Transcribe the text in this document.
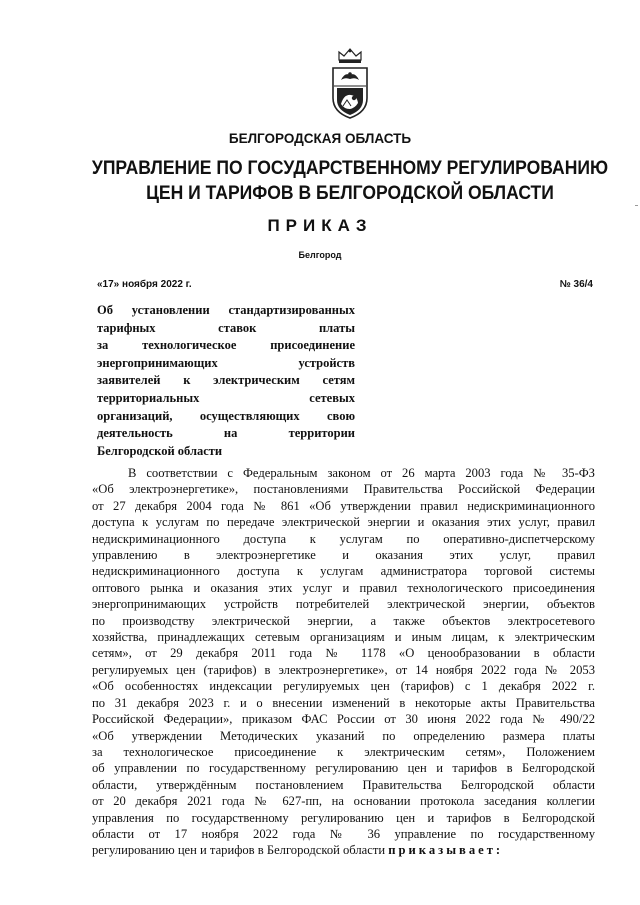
БЕЛГОРОДСКАЯ ОБЛАСТЬ
УПРАВЛЕНИЕ ПО ГОСУДАРСТВЕННОМУ РЕГУЛИРОВАНИЮ
ЦЕН И ТАРИФОВ В БЕЛГОРОДСКОЙ ОБЛАСТИ
ПРИКАЗ
Белгород
«17» ноября 2022 г.	№ 36/4

Об установлении стандартизированных
тарифных ставок платы
за технологическое присоединение
энергопринимающих устройств
заявителей к электрическим сетям
территориальных сетевых
организаций, осуществляющих свою
деятельность на территории
Белгородской области

В соответствии с Федеральным законом от 26 марта 2003 года № 35-ФЗ
«Об электроэнергетике», постановлениями Правительства Российской Федерации
от 27 декабря 2004 года № 861 «Об утверждении правил недискриминационного
доступа к услугам по передаче электрической энергии и оказания этих услуг, правил
недискриминационного доступа к услугам по оперативно-диспетчерскому
управлению в электроэнергетике и оказания этих услуг, правил
недискриминационного доступа к услугам администратора торговой системы
оптового рынка и оказания этих услуг и правил технологического присоединения
энергопринимающих устройств потребителей электрической энергии, объектов
по производству электрической энергии, а также объектов электросетевого
хозяйства, принадлежащих сетевым организациям и иным лицам, к электрическим
сетям», от 29 декабря 2011 года № 1178 «О ценообразовании в области
регулируемых цен (тарифов) в электроэнергетике», от 14 ноября 2022 года № 2053
«Об особенностях индексации регулируемых цен (тарифов) с 1 декабря 2022 г.
по 31 декабря 2023 г. и о внесении изменений в некоторые акты Правительства
Российской Федерации», приказом ФАС России от 30 июня 2022 года № 490/22
«Об утверждении Методических указаний по определению размера платы
за технологическое присоединение к электрическим сетям», Положением
об управлении по государственному регулированию цен и тарифов в Белгородской
области, утверждённым постановлением Правительства Белгородской области
от 20 декабря 2021 года № 627-пп, на основании протокола заседания коллегии
управления по государственному регулированию цен и тарифов в Белгородской
области от 17 ноября 2022 года № 36 управление по государственному
регулированию цен и тарифов в Белгородской области приказывает:
